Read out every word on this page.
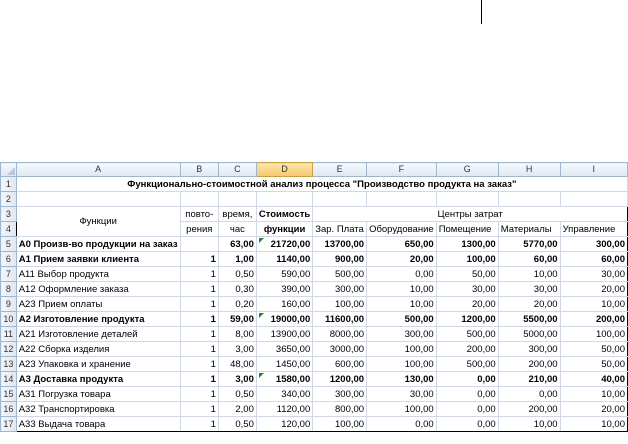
	A	B	C	D	E	F	G	H	I
1	Функционально-стоимостной анализ процесса "Производство продукта на заказ"								
2									
3	Функции	повто-	время,	Стоимость	Центры затрат				
4		рения	час	функции	Зар. Плата	Оборудование	Помещение	Материалы	Управление
5	А0 Произв-во продукции на заказ		63,00	21720,00	13700,00	650,00	1300,00	5770,00	300,00
6	А1 Прием заявки клиента	1	1,00	1140,00	900,00	20,00	100,00	60,00	60,00
7	А11 Выбор продукта	1	0,50	590,00	500,00	0,00	50,00	10,00	30,00
8	А12 Оформление заказа	1	0,30	390,00	300,00	10,00	30,00	30,00	20,00
9	А23 Прием оплаты	1	0,20	160,00	100,00	10,00	20,00	20,00	10,00
10	А2 Изготовление продукта	1	59,00	19000,00	11600,00	500,00	1200,00	5500,00	200,00
11	А21 Изготовление деталей	1	8,00	13900,00	8000,00	300,00	500,00	5000,00	100,00
12	А22 Сборка изделия	1	3,00	3650,00	3000,00	100,00	200,00	300,00	50,00
13	А23 Упаковка и хранение	1	48,00	1450,00	600,00	100,00	500,00	200,00	50,00
14	А3 Доставка продукта	1	3,00	1580,00	1200,00	130,00	0,00	210,00	40,00
15	А31 Погрузка товара	1	0,50	340,00	300,00	30,00	0,00	0,00	10,00
16	А32 Транспортировка	1	2,00	1120,00	800,00	100,00	0,00	200,00	20,00
17	А33 Выдача товара	1	0,50	120,00	100,00	0,00	0,00	10,00	10,00
